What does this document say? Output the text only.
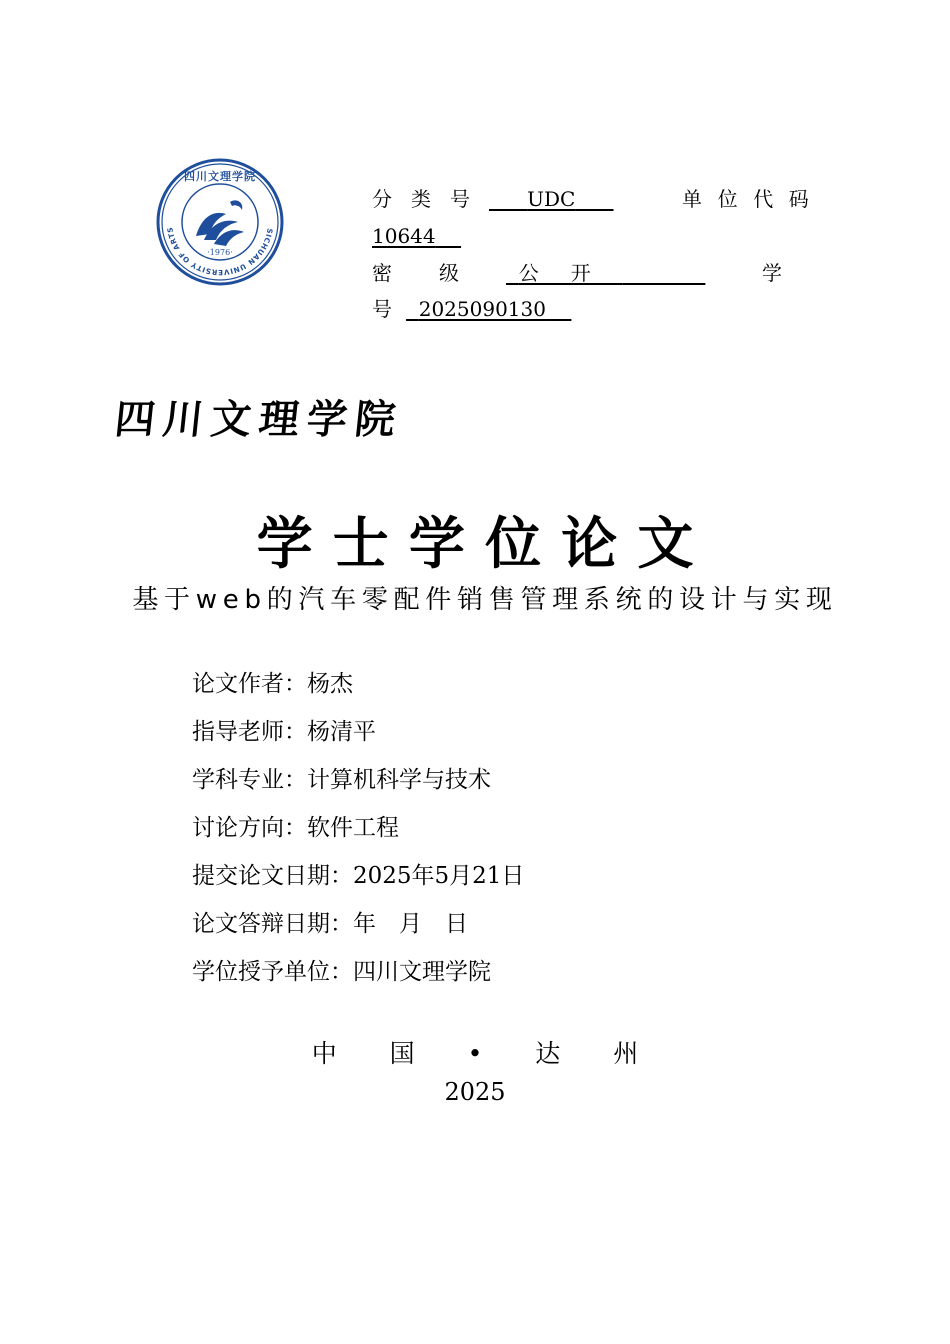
SICHUAN UNIVERSITY OF ARTS
四川文理学院
·1976·
分类号 UDC	单位代码
10644
密级 公开	学
号 2025090130
四川文理学院
学士学位论文
基于web的汽车零配件销售管理系统的设计与实现
论文作者：杨杰
指导老师：杨清平
学科专业：计算机科学与技术
讨论方向：软件工程
提交论文日期：2025年5月21日
论文答辩日期：年　月　日
学位授予单位：四川文理学院
中 国 • 达 州
2025
